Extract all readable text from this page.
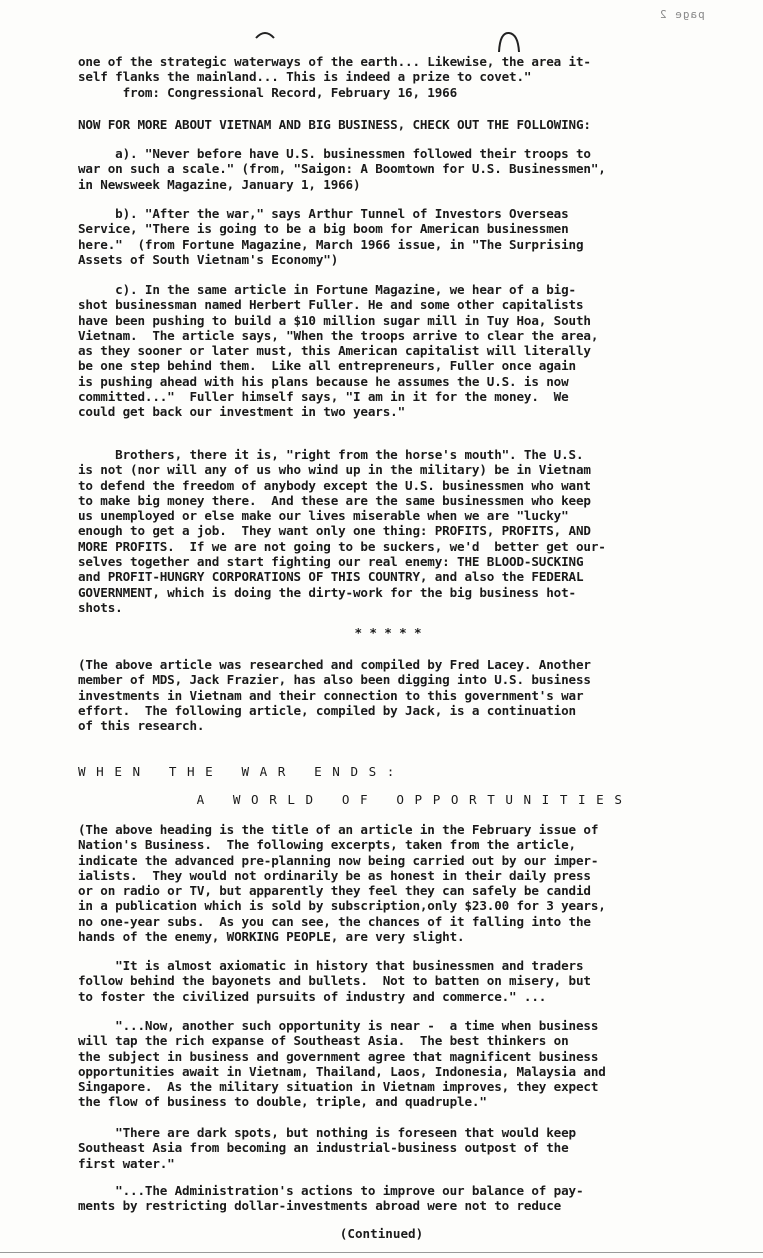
page 2
one of the strategic waterways of the earth... Likewise, the area it-
self flanks the mainland... This is indeed a prize to covet."
from: Congressional Record, February 16, 1966
NOW FOR MORE ABOUT VIETNAM AND BIG BUSINESS, CHECK OUT THE FOLLOWING:
a). "Never before have U.S. businessmen followed their troops to
war on such a scale." (from, "Saigon: A Boomtown for U.S. Businessmen",
in Newsweek Magazine, January 1, 1966)
b). "After the war," says Arthur Tunnel of Investors Overseas
Service, "There is going to be a big boom for American businessmen
here."  (from Fortune Magazine, March 1966 issue, in "The Surprising
Assets of South Vietnam's Economy")
c). In the same article in Fortune Magazine, we hear of a big-
shot businessman named Herbert Fuller. He and some other capitalists
have been pushing to build a $10 million sugar mill in Tuy Hoa, South
Vietnam.  The article says, "When the troops arrive to clear the area,
as they sooner or later must, this American capitalist will literally
be one step behind them.  Like all entrepreneurs, Fuller once again
is pushing ahead with his plans because he assumes the U.S. is now
committed..."  Fuller himself says, "I am in it for the money.  We
could get back our investment in two years."
Brothers, there it is, "right from the horse's mouth". The U.S.
is not (nor will any of us who wind up in the military) be in Vietnam
to defend the freedom of anybody except the U.S. businessmen who want
to make big money there.  And these are the same businessmen who keep
us unemployed or else make our lives miserable when we are "lucky"
enough to get a job.  They want only one thing: PROFITS, PROFITS, AND
MORE PROFITS.  If we are not going to be suckers, we'd  better get our-
selves together and start fighting our real enemy: THE BLOOD-SUCKING
and PROFIT-HUNGRY CORPORATIONS OF THIS COUNTRY, and also the FEDERAL
GOVERNMENT, which is doing the dirty-work for the big business hot-
shots.
* * * * *
(The above article was researched and compiled by Fred Lacey. Another
member of MDS, Jack Frazier, has also been digging into U.S. business
investments in Vietnam and their connection to this government's war
effort.  The following article, compiled by Jack, is a continuation
of this research.
W H E N   T H E   W A R   E N D S :
A   W O R L D   O F   O P P O R T U N I T I E S
(The above heading is the title of an article in the February issue of
Nation's Business.  The following excerpts, taken from the article,
indicate the advanced pre-planning now being carried out by our imper-
ialists.  They would not ordinarily be as honest in their daily press
or on radio or TV, but apparently they feel they can safely be candid
in a publication which is sold by subscription,only $23.00 for 3 years,
no one-year subs.  As you can see, the chances of it falling into the
hands of the enemy, WORKING PEOPLE, are very slight.
"It is almost axiomatic in history that businessmen and traders
follow behind the bayonets and bullets.  Not to batten on misery, but
to foster the civilized pursuits of industry and commerce." ...
"...Now, another such opportunity is near -  a time when business
will tap the rich expanse of Southeast Asia.  The best thinkers on
the subject in business and government agree that magnificent business
opportunities await in Vietnam, Thailand, Laos, Indonesia, Malaysia and
Singapore.  As the military situation in Vietnam improves, they expect
the flow of business to double, triple, and quadruple."
"There are dark spots, but nothing is foreseen that would keep
Southeast Asia from becoming an industrial-business outpost of the
first water."
"...The Administration's actions to improve our balance of pay-
ments by restricting dollar-investments abroad were not to reduce
(Continued)
